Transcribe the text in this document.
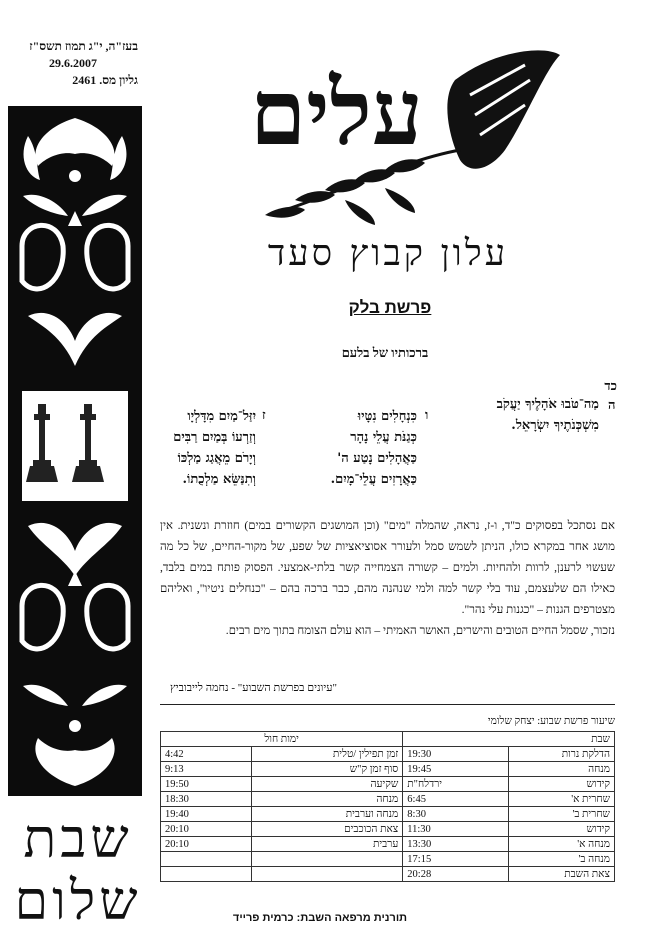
בעז"ה, י"ג תמוז תשס"ז
29.6.2007
גליון מס. 2461
שבת
שלום
עלים
עלון קבוץ סעד
פרשת בלק
ברכותיו של בלעם
כד
ה
מַה־טֹּבוּ אֹהָלֶיךָ יַעֲקֹב
מִשְׁכְּנֹתֶיךָ יִשְׂרָאֵל.
ו
כִּנְחָלִים נִטָּיוּ
כְּגַנֹּת עֲלֵי נָהָר
כַּאֲהָלִים נָטַע ה'
כַּאֲרָזִים עֲלֵי־מָיִם.
ז
יִזַּל־מַיִם מִדָּלְיָו
וְזַרְעוֹ בְּמַיִם רַבִּים
וְיָרֹם מֵאֲגַג מַלְכּוֹ
וְתִנַּשֵּׂא מַלְכֻתוֹ.
אם נסתכל בפסוקים כ"ד, ו-ז, נראה, שהמלה "מים" (וכן המושגים הקשורים במים) חוזרת ונשנית. אין מושג אחר במקרא כולו, הניתן לשמש סמל ולעורר אסוציאציות של שפע, של מקור-החיים, של כל מה שעשוי לרענן, לרוות ולהחיות. ולמים – קשורה הצמחייה קשר בלתי-אמצעי. הפסוק פותח במים בלבד, כאילו הם שלעצמם, עוד בלי קשר למה ולמי שנהנה מהם, כבר ברכה בהם – "כנחלים ניטיו", ואליהם מצטרפים הגנות – "כגנות עלי נהר".
נזכור, שסמל החיים הטובים והישרים, האושר האמיתי – הוא עולם הצומח בתוך מים רבים.
"עיונים בפרשת השבוע" - נחמה לייבוביץ
שיעור פרשת שבוע: יצחק שלומי
שבת		ימות חול	
הדלקת נרות	19:30	זמן תפילין /טלית	4:42
מנחה	19:45	סוף זמן ק"ש	9:13
קידוש	ירדלח"ת	שקיעה	19:50
שחרית א'	6:45	מנחה	18:30
שחרית ב'	8:30	מנחה וערבית	19:40
קידוש	11:30	צאת הכוכבים	20:10
מנחה א'	13:30	ערבית	20:10
מנחה ב'	17:15		
צאת השבת	20:28		
תורנית מרפאה השבת: כרמית פרייד
